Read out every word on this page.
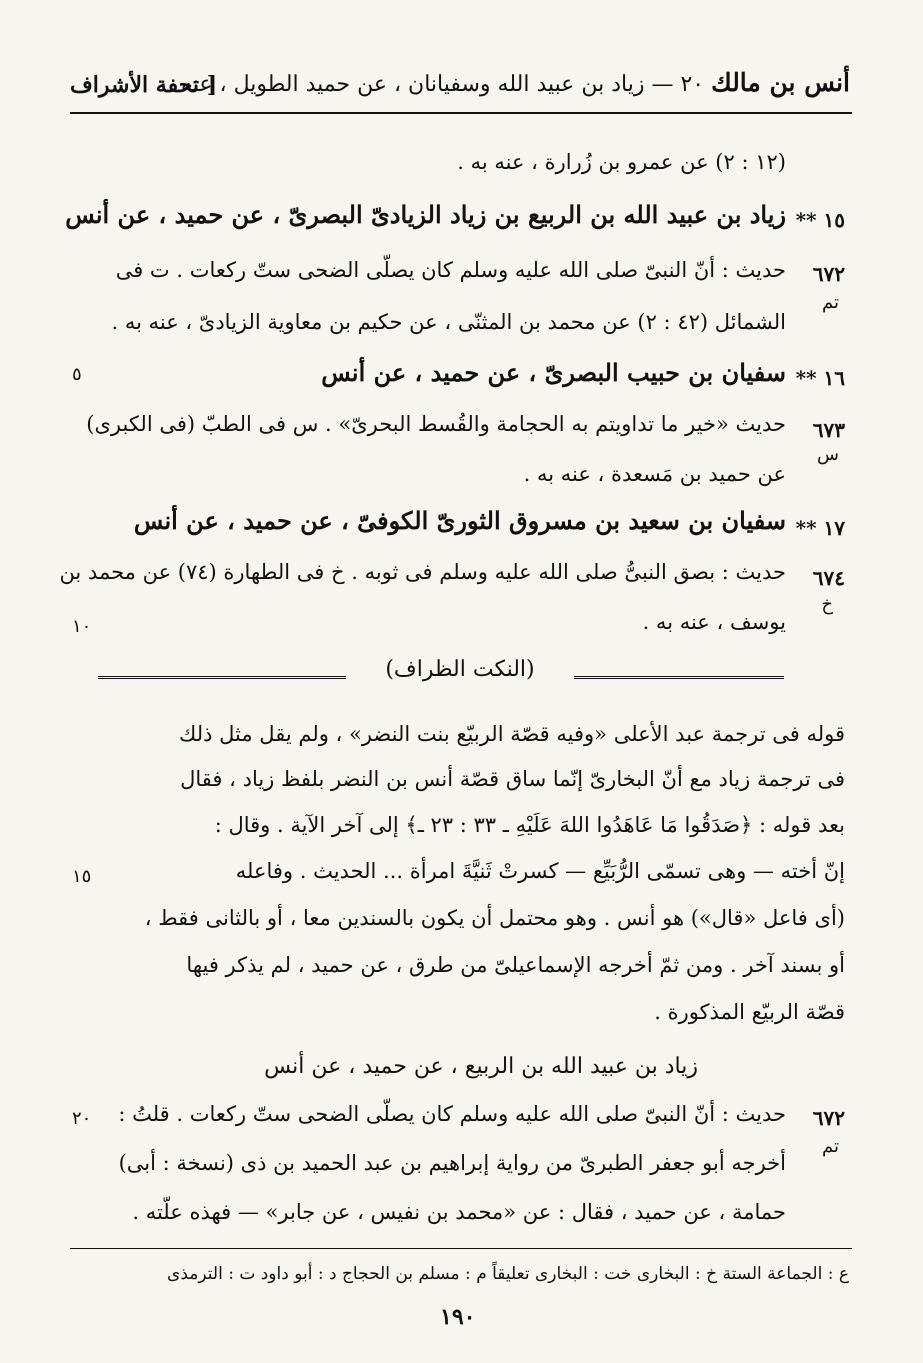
أنس بن مالك ٢٠ — زياد بن عبيد الله وسفيانان ، عن حميد الطويل ، عنه
[ تحفة الأشراف
(١٢ : ٢) عن عمرو بن زُرارة ، عنه به .
١٥ **
زياد بن عبيد الله بن الربيع بن زياد الزيادىّ البصرىّ ، عن حميد ، عن أنس
٦٧٢
تم
حديث : أنّ النبىّ صلى الله عليه وسلم كان يصلّى الضحى ستّ ركعات . ت فى
الشمائل (٤٢ : ٢) عن محمد بن المثنّى ، عن حكيم بن معاوية الزيادىّ ، عنه به .
١٦ **
سفيان بن حبيب البصرىّ ، عن حميد ، عن أنس
٥
٦٧٣
س
حديث «خير ما تداويتم به الحجامة والقُسط البحرىّ» . س فى الطبّ (فى الكبرى)
عن حميد بن مَسعدة ، عنه به .
١٧ **
سفيان بن سعيد بن مسروق الثورىّ الكوفىّ ، عن حميد ، عن أنس
٦٧٤
خ
حديث : بصق النبىُّ صلى الله عليه وسلم فى ثوبه . خ فى الطهارة (٧٤) عن محمد بن
يوسف ، عنه به .
١٠
(النكت الظراف)
قوله فى ترجمة عبد الأعلى «وفيه قصّة الربيّع بنت النضر» ، ولم يقل مثل ذلك
فى ترجمة زياد مع أنّ البخارىّ إنّما ساق قصّة أنس بن النضر بلفظ زياد ، فقال
بعد قوله : ﴿صَدَقُوا مَا عَاهَدُوا اللهَ عَلَيْهِ ـ ٣٣ : ٢٣ ـ﴾ إلى آخر الآية . وقال :
إنّ أخته — وهى تسمّى الرُّبَيِّع — كسرتْ ثَنيَّةَ امرأة ... الحديث . وفاعله
١٥
(أى فاعل «قال») هو أنس . وهو محتمل أن يكون بالسندين معا ، أو بالثانى فقط ،
أو بسند آخر . ومن ثمّ أخرجه الإسماعيلىّ من طرق ، عن حميد ، لم يذكر فيها
قصّة الربيّع المذكورة .
زياد بن عبيد الله بن الربيع ، عن حميد ، عن أنس
٦٧٢
تم
حديث : أنّ النبىّ صلى الله عليه وسلم كان يصلّى الضحى ستّ ركعات . قلتُ :
٢٠
أخرجه أبو جعفر الطبرىّ من رواية إبراهيم بن عبد الحميد بن ذى (نسخة : أبى)
حمامة ، عن حميد ، فقال : عن «محمد بن نفيس ، عن جابر» — فهذه علّته .
ع : الجماعة الستة خ : البخارى خت : البخارى تعليقاً م : مسلم بن الحجاج د : أبو داود ت : الترمذى
١٩٠
